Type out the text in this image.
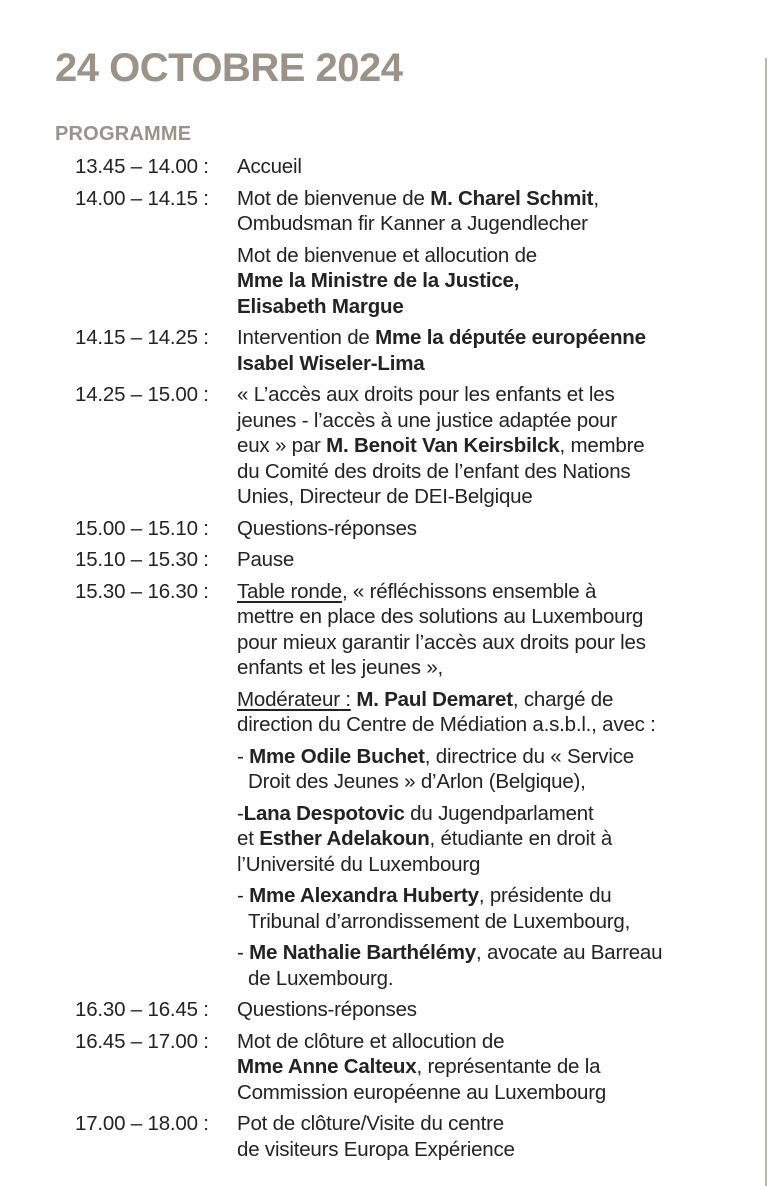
24 OCTOBRE 2024
PROGRAMME
13.45 – 14.00 :	Accueil

14.00 – 14.15 :	Mot de bienvenue de M. Charel Schmit,
Ombudsman fir Kanner a Jugendlecher

Mot de bienvenue et allocution de
Mme la Ministre de la Justice,
Elisabeth Margue

14.15 – 14.25 :	Intervention de Mme la députée européenne
Isabel Wiseler-Lima

14.25 – 15.00 :	« L’accès aux droits pour les enfants et les
jeunes - l’accès à une justice adaptée pour
eux » par M. Benoit Van Keirsbilck, membre
du Comité des droits de l’enfant des Nations
Unies, Directeur de DEI-Belgique

15.00 – 15.10 :	Questions-réponses

15.10 – 15.30 :	Pause

15.30 – 16.30 :	Table ronde, « réfléchissons ensemble à
mettre en place des solutions au Luxembourg
pour mieux garantir l’accès aux droits pour les
enfants et les jeunes »,

Modérateur : M. Paul Demaret, chargé de
direction du Centre de Médiation a.s.b.l., avec :

- Mme Odile Buchet, directrice du « Service
Droit des Jeunes » d’Arlon (Belgique),

-Lana Despotovic du Jugendparlament
et Esther Adelakoun, étudiante en droit à
l’Université du Luxembourg

- Mme Alexandra Huberty, présidente du
Tribunal d’arrondissement de Luxembourg,

- Me Nathalie Barthélémy, avocate au Barreau
de Luxembourg.

16.30 – 16.45 :	Questions-réponses

16.45 – 17.00 :	Mot de clôture et allocution de
Mme Anne Calteux, représentante de la
Commission européenne au Luxembourg

17.00 – 18.00 :	Pot de clôture/Visite du centre
de visiteurs Europa Expérience
